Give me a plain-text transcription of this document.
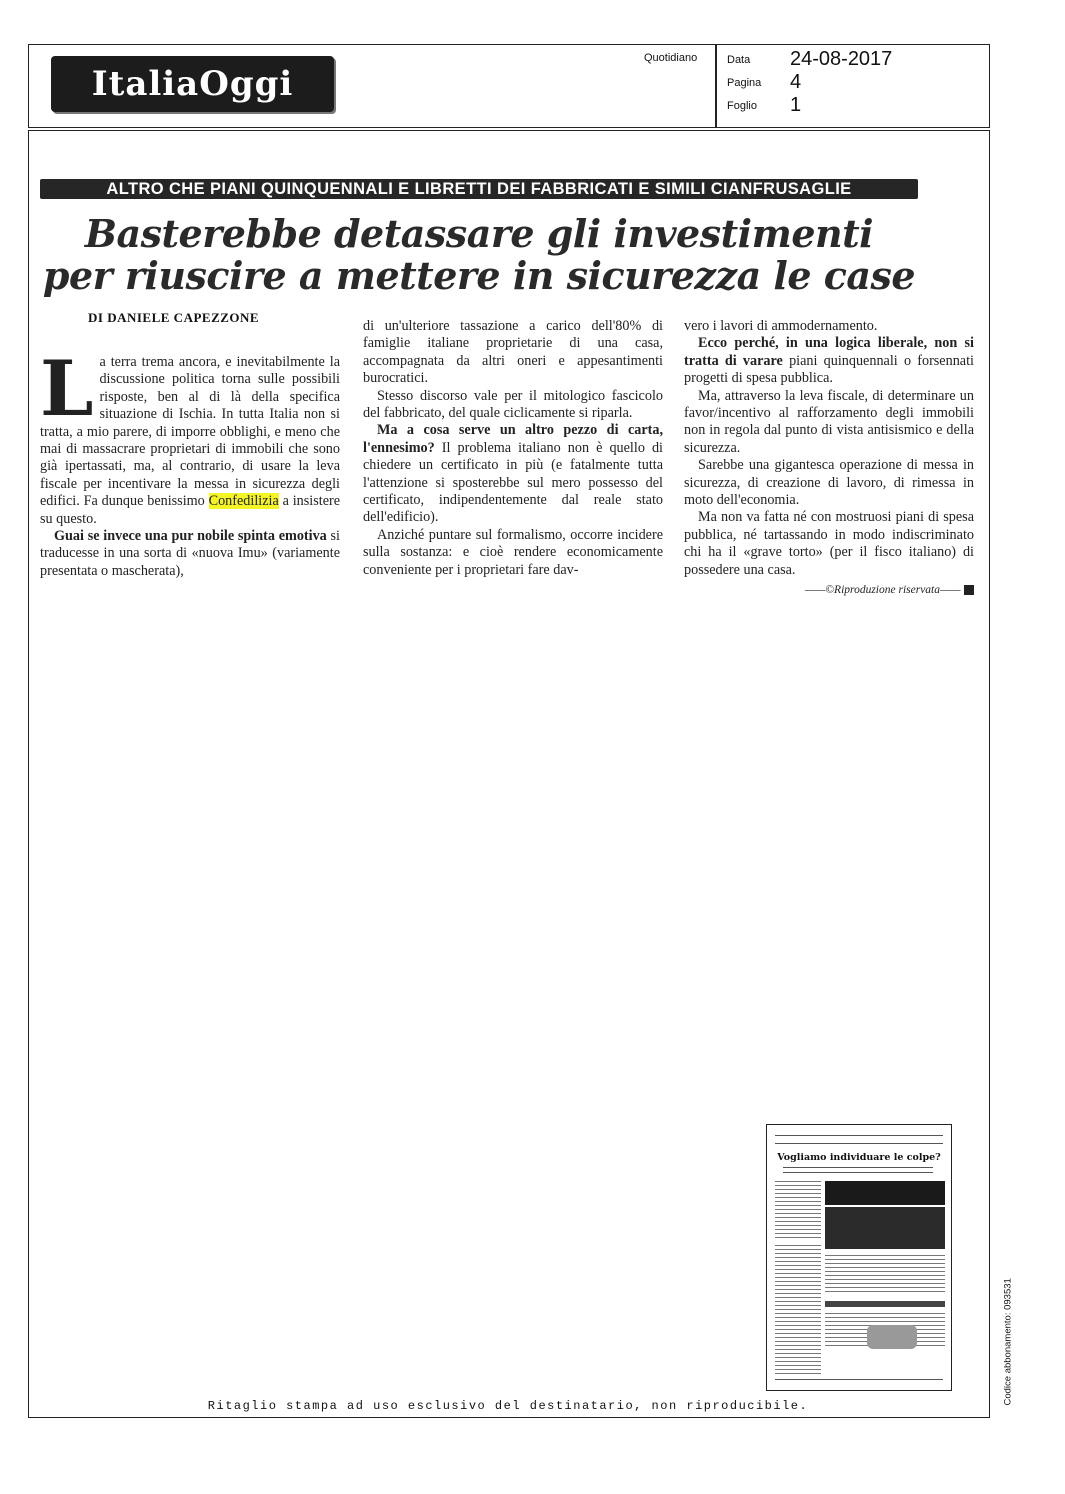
ItaliaOggi
Quotidiano	Data 24-08-2017
Pagina 4
Foglio 1
ALTRO CHE PIANI QUINQUENNALI E LIBRETTI DEI FABBRICATI E SIMILI CIANFRUSAGLIE
Basterebbe detassare gli investimenti
per riuscire a mettere in sicurezza le case
DI DANIELE CAPEZZONE

La terra trema ancora, e inevitabilmente la discussione politica torna sulle possibili risposte, ben al di là della specifica situazione di Ischia. In tutta Italia non si tratta, a mio parere, di imporre obblighi, e meno che mai di massacrare proprietari di immobili che sono già ipertassati, ma, al contrario, di usare la leva fiscale per incentivare la messa in sicurezza degli edifici. Fa dunque benissimo Confedilizia a insistere su questo.

Guai se invece una pur nobile spinta emotiva si traducesse in una sorta di «nuova Imu» (variamente presentata o mascherata),

di un'ulteriore tassazione a carico dell'80% di famiglie italiane proprietarie di una casa, accompagnata da altri oneri e appesantimenti burocratici.

Stesso discorso vale per il mitologico fascicolo del fabbricato, del quale ciclicamente si riparla.

Ma a cosa serve un altro pezzo di carta, l'ennesimo? Il problema italiano non è quello di chiedere un certificato in più (e fatalmente tutta l'attenzione si sposterebbe sul mero possesso del certificato, indipendentemente dal reale stato dell'edificio).

Anziché puntare sul formalismo, occorre incidere sulla sostanza: e cioè rendere economicamente conveniente per i proprietari fare dav-

vero i lavori di ammodernamento.

Ecco perché, in una logica liberale, non si tratta di varare piani quinquennali o forsennati progetti di spesa pubblica.

Ma, attraverso la leva fiscale, di determinare un favor/incentivo al rafforzamento degli immobili non in regola dal punto di vista antisismico e della sicurezza.

Sarebbe una gigantesca operazione di messa in sicurezza, di creazione di lavoro, di rimessa in moto dell'economia.

Ma non va fatta né con mostruosi piani di spesa pubblica, né tartassando in modo indiscriminato chi ha il «grave torto» (per il fisco italiano) di possedere una casa.

——©Riproduzione riservata——

Vogliamo individuare le colpe?
Ritaglio stampa ad uso esclusivo del destinatario, non riproducibile.
Codice abbonamento: 093531
